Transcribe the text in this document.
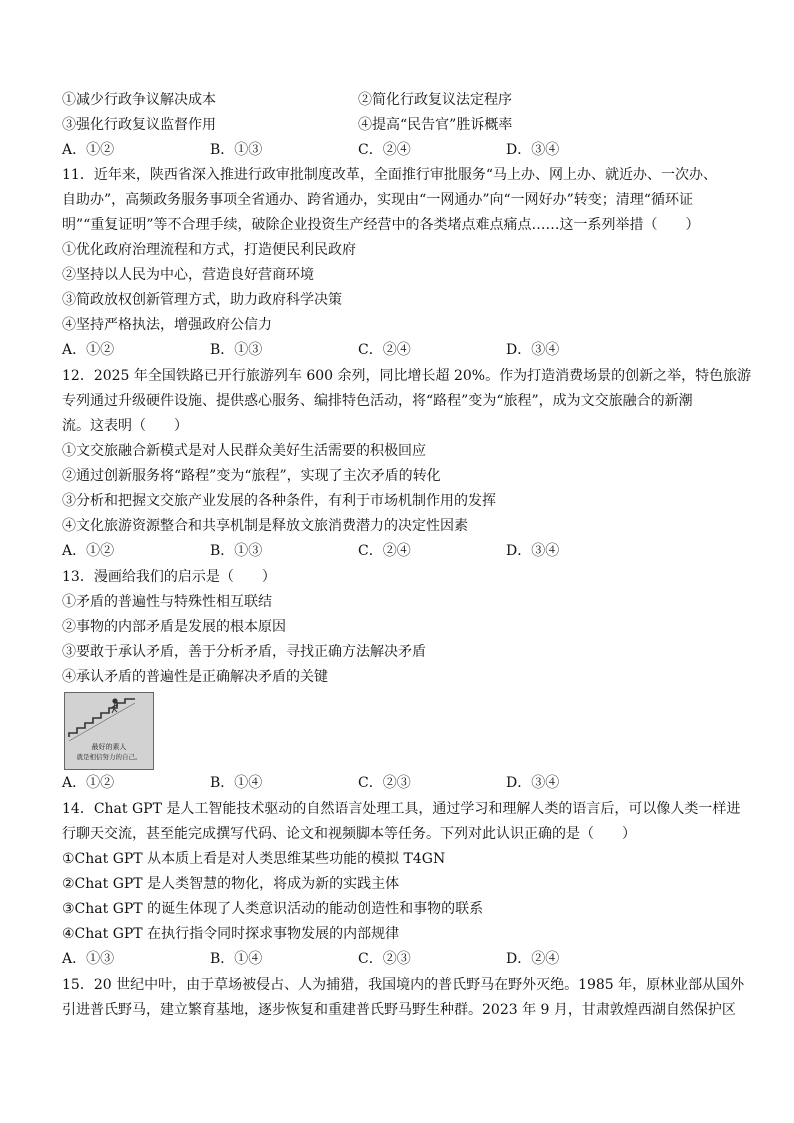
①减少行政争议解决成本	②简化行政复议法定程序
③强化行政复议监督作用	④提高“民告官”胜诉概率
A．①②	B．①③	C．②④	D．③④
11．近年来，陕西省深入推进行政审批制度改革，全面推行审批服务“马上办、网上办、就近办、一次办、
自助办”，高频政务服务事项全省通办、跨省通办，实现由“一网通办”向“一网好办”转变；清理“循环证
明”“重复证明”等不合理手续，破除企业投资生产经营中的各类堵点难点痛点……这一系列举措（　　）
①优化政府治理流程和方式，打造便民利民政府
②坚持以人民为中心，营造良好营商环境
③简政放权创新管理方式，助力政府科学决策
④坚持严格执法，增强政府公信力
A．①②	B．①③	C．②④	D．③④
12．2025 年全国铁路已开行旅游列车 600 余列，同比增长超 20%。作为打造消费场景的创新之举，特色旅游
专列通过升级硬件设施、提供惑心服务、编排特色活动，将“路程”变为“旅程”，成为文交旅融合的新潮
流。这表明（　　）
①文交旅融合新模式是对人民群众美好生活需要的积极回应
②通过创新服务将“路程”变为“旅程”，实现了主次矛盾的转化
③分析和把握文交旅产业发展的各种条件，有利于市场机制作用的发挥
④文化旅游资源整合和共享机制是释放文旅消费潜力的决定性因素
A．①②	B．①③	C．②④	D．③④
13．漫画给我们的启示是（　　）
①矛盾的普遍性与特殊性相互联结
②事物的内部矛盾是发展的根本原因
③要敢于承认矛盾，善于分析矛盾，寻找正确方法解决矛盾
④承认矛盾的普遍性是正确解决矛盾的关键
最好的素人
就是相信努力的自己。
A．①②	B．①④	C．②③	D．③④
14．Chat GPT 是人工智能技术驱动的自然语言处理工具，通过学习和理解人类的语言后，可以像人类一样进
行聊天交流，甚至能完成撰写代码、论文和视频脚本等任务。下列对此认识正确的是（　　）
①Chat GPT 从本质上看是对人类思维某些功能的模拟 T4GN
②Chat GPT 是人类智慧的物化，将成为新的实践主体
③Chat GPT 的诞生体现了人类意识活动的能动创造性和事物的联系
④Chat GPT 在执行指令同时探求事物发展的内部规律
A．①③	B．①④	C．②③	D．②④
15．20 世纪中叶，由于草场被侵占、人为捕猎，我国境内的普氏野马在野外灭绝。1985 年，原林业部从国外
引进普氏野马，建立繁育基地，逐步恢复和重建普氏野马野生种群。2023 年 9 月，甘肃敦煌西湖自然保护区
